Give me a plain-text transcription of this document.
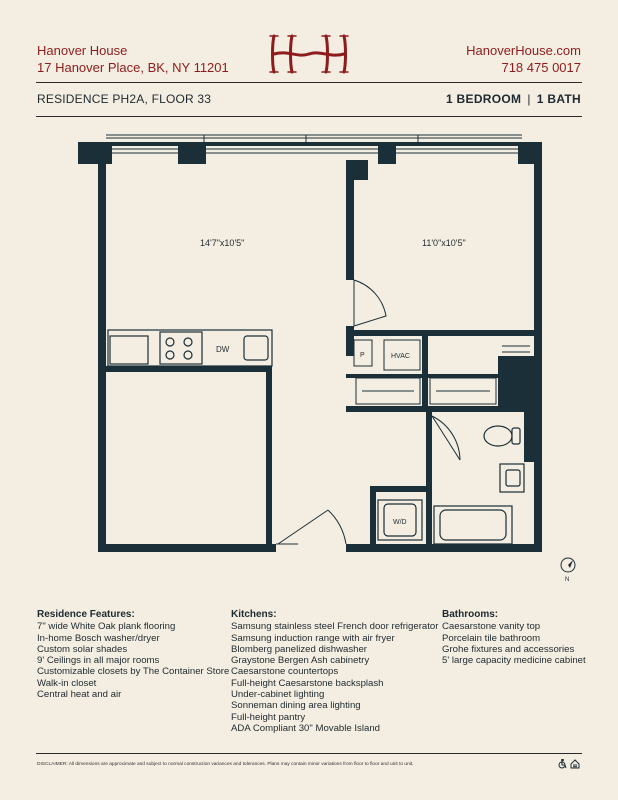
Hanover House
17 Hanover Place, BK, NY 11201
HanoverHouse.com
718 475 0017
RESIDENCE PH2A, FLOOR 33	1 BEDROOM | 1 BATH
DW
P	HVAC
W/D
14'7"x10'5"	11'0"x10'5"
N
Residence Features:
7" wide White Oak plank flooring
In-home Bosch washer/dryer
Custom solar shades
9' Ceilings in all major rooms
Customizable closets by The Container Store
Walk-in closet
Central heat and air
Kitchens:
Samsung stainless steel French door refrigerator
Samsung induction range with air fryer
Blomberg panelized dishwasher
Graystone Bergen Ash cabinetry
Caesarstone countertops
Full-height Caesarstone backsplash
Under-cabinet lighting
Sonneman dining area lighting
Full-height pantry
ADA Compliant 30" Movable Island
Bathrooms:
Caesarstone vanity top
Porcelain tile bathroom
Grohe fixtures and accessories
5' large capacity medicine cabinet
DISCLAIMER: All dimensions are approximate and subject to normal construction variances and tolerances. Plans may contain minor variations from floor to floor and unit to unit.
